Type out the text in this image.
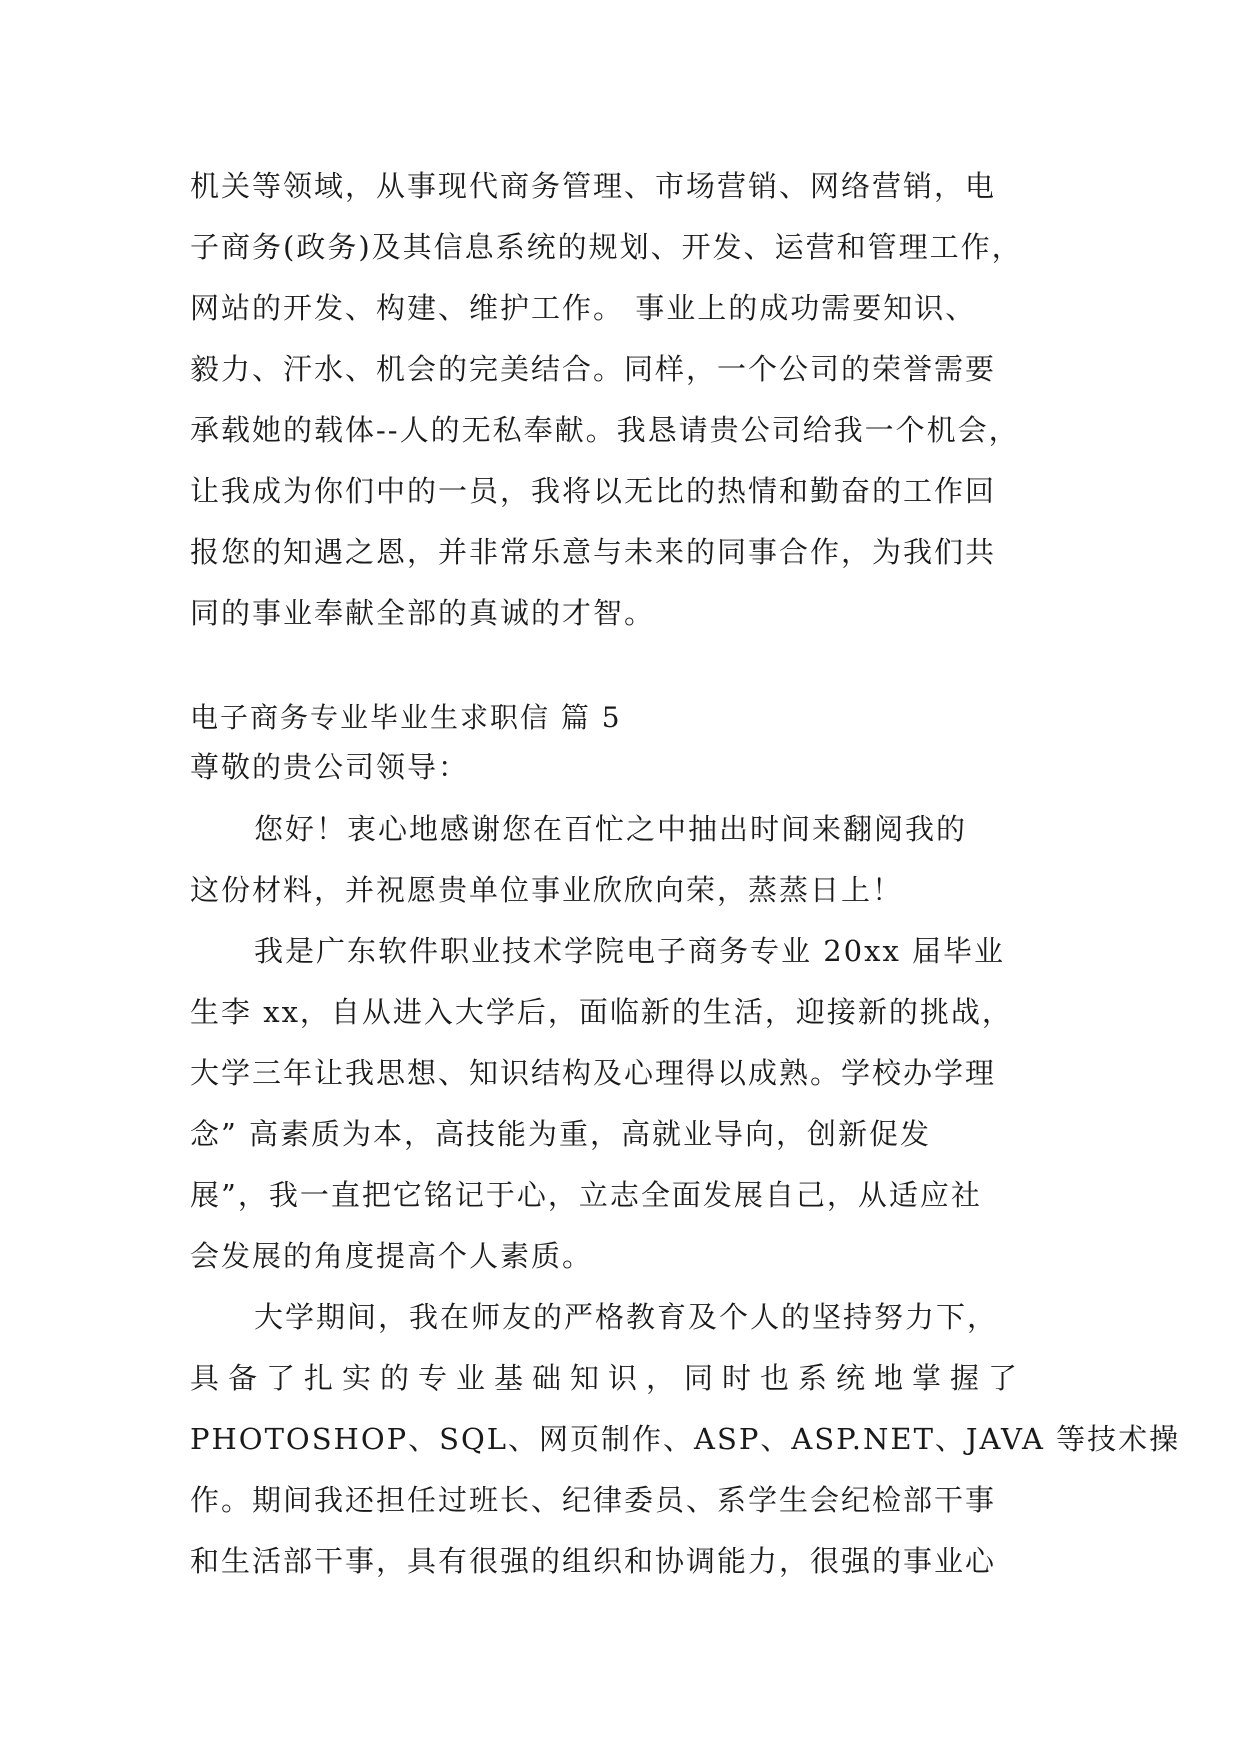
机关等领域，从事现代商务管理、市场营销、网络营销，电
子商务(政务)及其信息系统的规划、开发、运营和管理工作，
网站的开发、构建、维护工作。 事业上的成功需要知识、
毅力、汗水、机会的完美结合。同样，一个公司的荣誉需要
承载她的载体--人的无私奉献。我恳请贵公司给我一个机会，
让我成为你们中的一员，我将以无比的热情和勤奋的工作回
报您的知遇之恩，并非常乐意与未来的同事合作，为我们共
同的事业奉献全部的真诚的才智。
电子商务专业毕业生求职信 篇 5
尊敬的贵公司领导：
您好！衷心地感谢您在百忙之中抽出时间来翻阅我的
这份材料，并祝愿贵单位事业欣欣向荣，蒸蒸日上！
我是广东软件职业技术学院电子商务专业 20xx 届毕业
生李 xx，自从进入大学后，面临新的生活，迎接新的挑战，
大学三年让我思想、知识结构及心理得以成熟。学校办学理
念” 高素质为本，高技能为重，高就业导向，创新促发
展”，我一直把它铭记于心，立志全面发展自己，从适应社
会发展的角度提高个人素质。
大学期间，我在师友的严格教育及个人的坚持努力下，
具备了扎实的专业基础知识，同时也系统地掌握了
PHOTOSHOP、SQL、网页制作、ASP、ASP.NET、JAVA 等技术操
作。期间我还担任过班长、纪律委员、系学生会纪检部干事
和生活部干事，具有很强的组织和协调能力，很强的事业心
